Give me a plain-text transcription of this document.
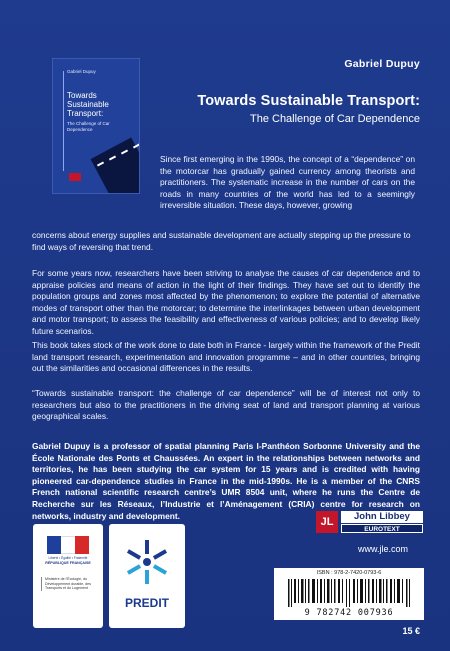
Gabriel Dupuy
Towards Sustainable Transport:
The Challenge of Car Dependence
Gabriel Dupuy
Towards Sustainable Transport:
The Challenge of Car Dependence

Since first emerging in the 1990s, the concept of a “dependence” on the motorcar has gradually gained currency among theorists and practitioners. The systematic increase in the number of cars on the roads in many countries of the world has led to a seemingly irreversible situation. These days, however, growing

concerns about energy supplies and sustainable development are actually stepping up the pressure to find ways of reversing that trend.

For some years now, researchers have been striving to analyse the causes of car dependence and to appraise policies and means of action in the light of their findings. They have set out to identify the population groups and zones most affected by the phenomenon; to explore the potential of alternative modes of transport other than the motorcar; to determine the interlinkages between urban development and motor transport; to assess the feasibility and effectiveness of various policies; and to develop likely future scenarios.

This book takes stock of the work done to date both in France - largely within the framework of the Predit land transport research, experimentation and innovation programme – and in other countries, bringing out the similarities and occasional differences in the results.

“Towards sustainable transport: the challenge of car dependence” will be of interest not only to researchers but also to the practitioners in the driving seat of land and transport planning at various geographical scales.

Gabriel Dupuy is a professor of spatial planning Paris I-Panthéon Sorbonne University and the École Nationale des Ponts et Chaussées. An expert in the relationships between networks and territories, he has been studying the car system for 15 years and is credited with having pioneered car-dependence studies in France in the mid-1990s. He is a member of the CNRS French national scientific research centre’s UMR 8504 unit, where he runs the Centre de Recherche sur les Réseaux, l’Industrie et l’Aménagement (CRIA) centre for research on networks, industry and development.

Liberté • Égalité • Fraternité
RÉPUBLIQUE FRANÇAISE
Ministère de l’Écologie, du Développement durable, des Transports et du Logement
PREDIT
JL	John Libbey
EUROTEXT
www.jle.com
ISBN : 978-2-7420-0793-6
9 782742 007936
15 €
